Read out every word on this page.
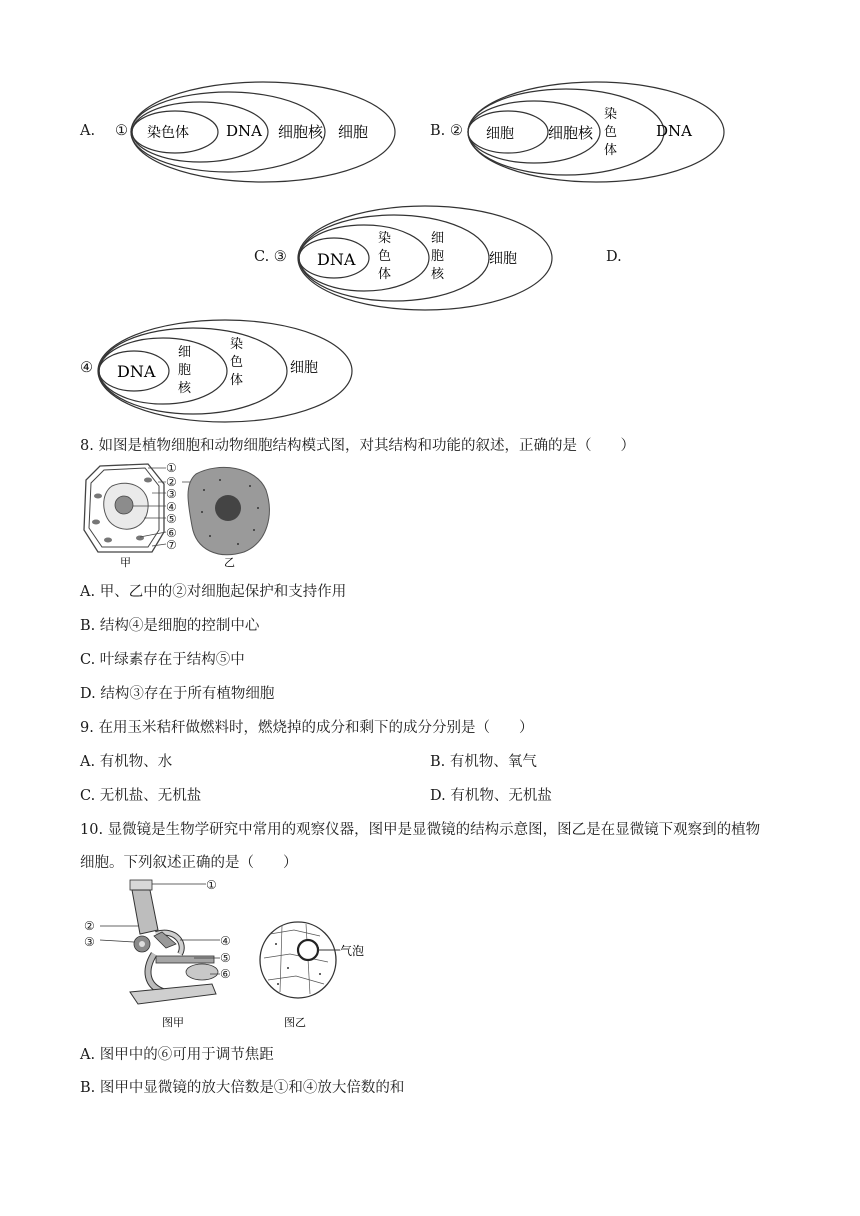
A. ① 染色体 DNA 细胞核 细胞	B. ② 细胞 细胞核
染
色
体
DNA
C. ③ DNA
染
色
体
细
胞
核
细胞	D.
④ DNA
细
胞
核
染
色
体
细胞
8. 如图是植物细胞和动物细胞结构模式图，对其结构和功能的叙述，正确的是（　　）
①
②
③
④
⑤
⑥
⑦
甲	乙
A. 甲、乙中的②对细胞起保护和支持作用
B. 结构④是细胞的控制中心
C. 叶绿素存在于结构⑤中
D. 结构③存在于所有植物细胞
9. 在用玉米秸秆做燃料时，燃烧掉的成分和剩下的成分分别是（　　）
A. 有机物、水	B. 有机物、氧气
C. 无机盐、无机盐	D. 有机物、无机盐
10. 显微镜是生物学研究中常用的观察仪器，图甲是显微镜的结构示意图，图乙是在显微镜下观察到的植物
细胞。下列叙述正确的是（　　）
①
②
③	④
⑤
⑥
图甲
气泡
图乙
A. 图甲中的⑥可用于调节焦距
B. 图甲中显微镜的放大倍数是①和④放大倍数的和
